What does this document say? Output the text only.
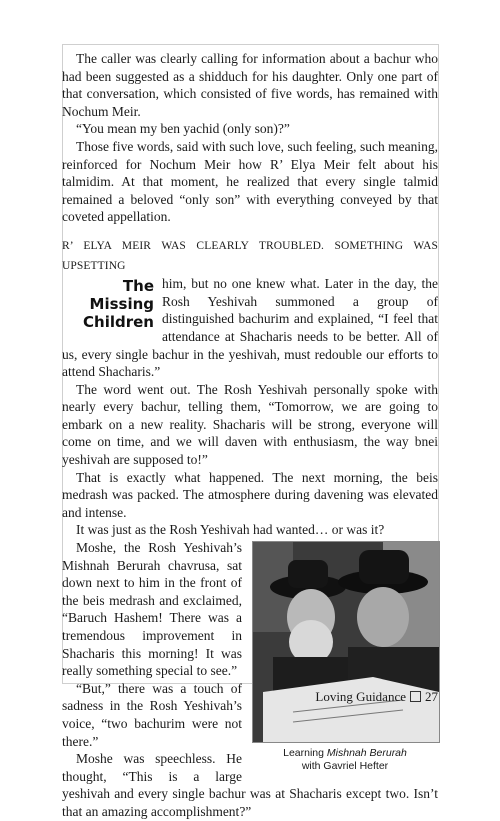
The caller was clearly calling for information about a bachur who had been suggested as a shidduch for his daughter. Only one part of that conversation, which consisted of five words, has remained with Nochum Meir.

“You mean my ben yachid (only son)?”

Those five words, said with such love, such feeling, such meaning, reinforced for Nochum Meir how R’ Elya Meir felt about his talmidim. At that moment, he realized that every single talmid remained a beloved “only son” with everything conveyed by that coveted appellation.

R’ ELYA MEIR WAS CLEARLY TROUBLED. SOMETHING WAS UPSETTING

The Missing
Children

him, but no one knew what. Later in the day, the Rosh Yeshivah summoned a group of distinguished bachurim and explained, “I feel that attendance at Shacharis needs to be better. All of us, every single bachur in the yeshivah, must redouble our efforts to attend Shacharis.”

The word went out. The Rosh Yeshivah personally spoke with nearly every bachur, telling them, “Tomorrow, we are going to embark on a new reality. Shacharis will be strong, everyone will come on time, and we will daven with enthusiasm, the way bnei yeshivah are supposed to!”

That is exactly what happened. The next morning, the beis medrash was packed. The atmosphere during davening was elevated and intense.

It was just as the Rosh Yeshivah had wanted… or was it?

Learning Mishnah Berurah
with Gavriel Hefter

Moshe, the Rosh Yeshivah’s Mishnah Berurah chavrusa, sat down next to him in the front of the beis medrash and exclaimed, “Baruch Hashem! There was a tremendous improvement in Shacharis this morning! It was really something special to see.”

“But,” there was a touch of sadness in the Rosh Yeshivah’s voice, “two bachurim were not there.”

Moshe was speechless. He thought, “This is a large yeshivah and every single bachur was at Shacharis except two. Isn’t that an amazing accomplishment?”

Loving Guidance 27
